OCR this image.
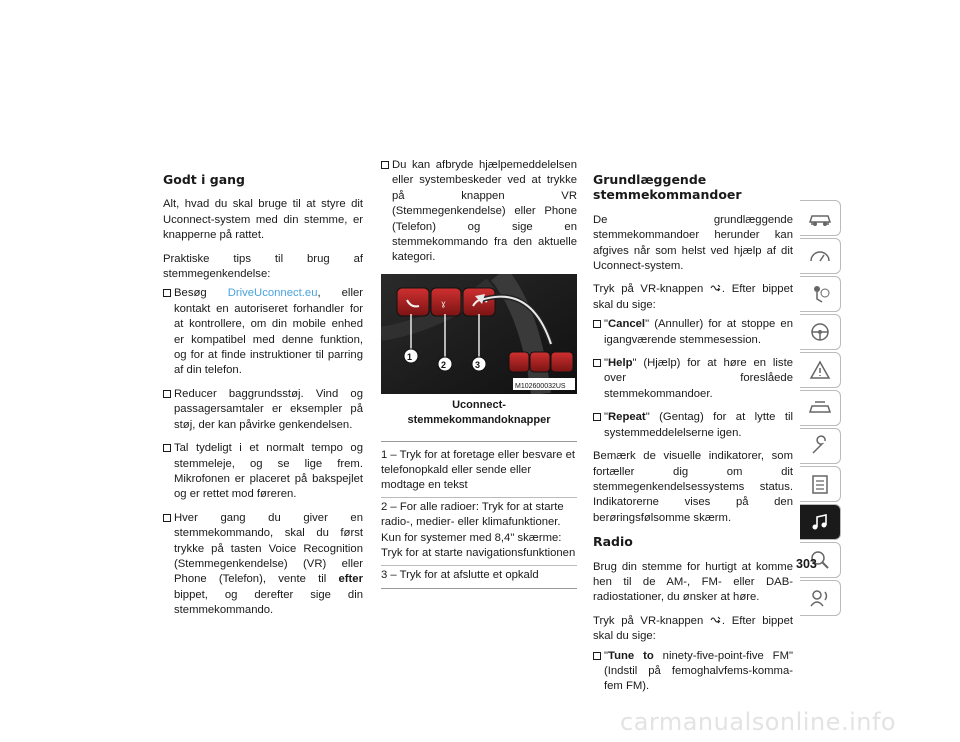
Godt i gang

Alt, hvad du skal bruge til at styre dit Uconnect-system med din stemme, er knapperne på rattet.

Praktiske tips til brug af stemmegenkendelse:

Besøg DriveUconnect.eu, eller kontakt en autoriseret forhandler for at kontrollere, om din mobile enhed er kompatibel med denne funktion, og for at finde instruktioner til parring af din telefon.
Reducer baggrundsstøj. Vind og passagersamtaler er eksempler på støj, der kan påvirke genkendelsen.
Tal tydeligt i et normalt tempo og stemmeleje, og se lige frem. Mikrofonen er placeret på bakspejlet og er rettet mod føreren.
Hver gang du giver en stemmekommando, skal du først trykke på tasten Voice Recognition (Stemmegenkendelse) (VR) eller Phone (Telefon), vente til efter bippet, og derefter sige din stemmekommando.
Du kan afbryde hjælpemeddelelsen eller systembeskeder ved at trykke på knappen VR (Stemmegenkendelse) eller Phone (Telefon) og sige en stemmekommando fra den aktuelle kategori.
ɣ
1
2	3
M102600032US
Uconnect-stemmekommandoknapper
1 – Tryk for at foretage eller besvare et telefonopkald eller sende eller modtage en tekst
2 – For alle radioer: Tryk for at starte radio-, medier- eller klimafunktioner. Kun for systemer med 8,4" skærme: Tryk for at starte navigationsfunktionen
3 – Tryk for at afslutte et opkald
Grundlæggende stemmekommandoer

De grundlæggende stemmekommandoer herunder kan afgives når som helst ved hjælp af dit Uconnect-system.

Tryk på VR-knappen . Efter bippet skal du sige:

"Cancel" (Annuller) for at stoppe en igangværende stemmesession.
"Help" (Hjælp) for at høre en liste over foreslåede stemmekommandoer.
"Repeat" (Gentag) for at lytte til systemmeddelelserne igen.

Bemærk de visuelle indikatorer, som fortæller dig om dit stemmegenkendelsessystems status. Indikatorerne vises på den berøringsfølsomme skærm.

Radio

Brug din stemme for hurtigt at komme hen til de AM-, FM- eller DAB-radiostationer, du ønsker at høre.

Tryk på VR-knappen . Efter bippet skal du sige:

"Tune to ninety-five-point-five FM" (Indstil på femoghalvfems-komma-fem FM).
303
carmanualsonline.info
